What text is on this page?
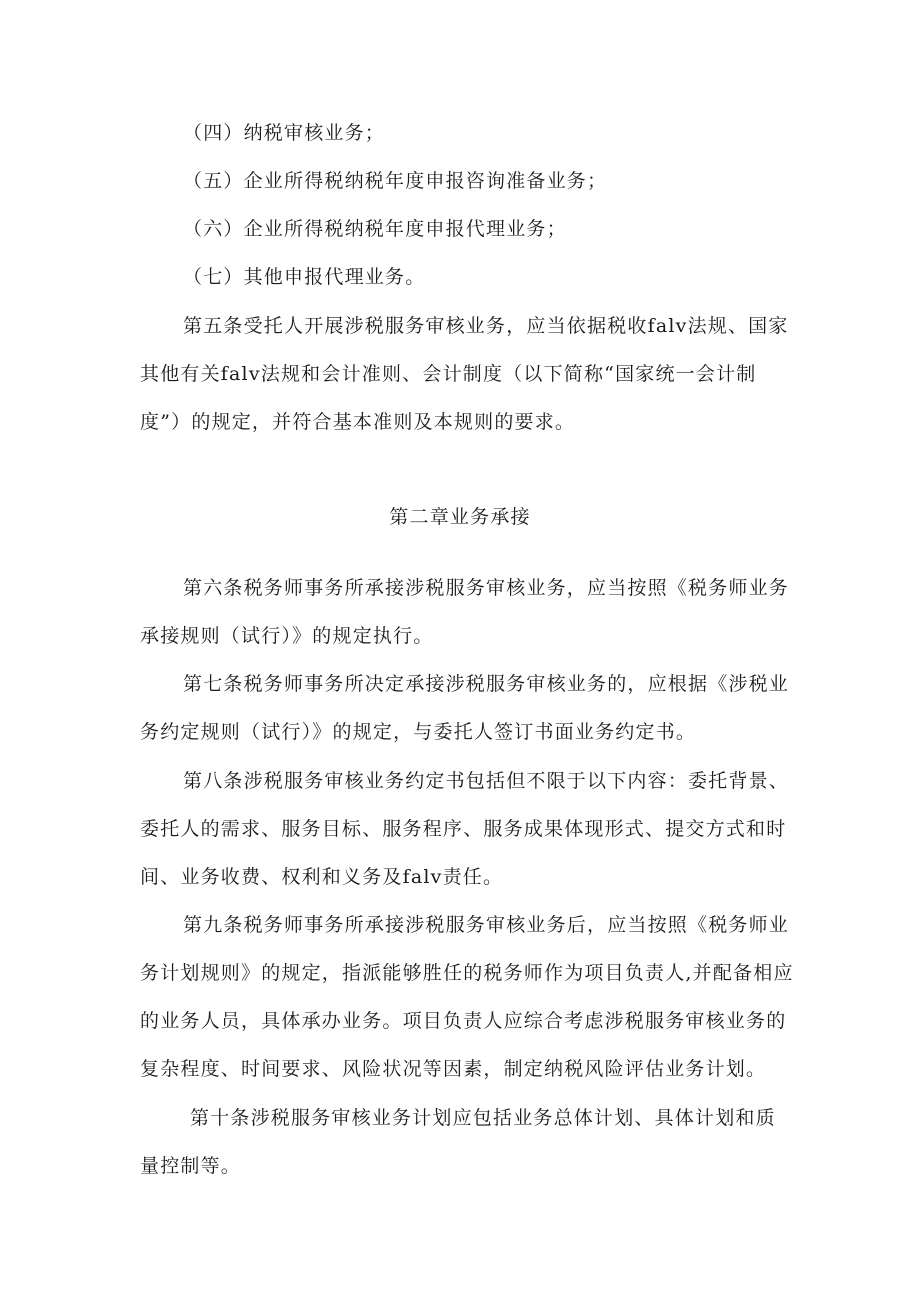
（四）纳税审核业务；
（五）企业所得税纳税年度申报咨询准备业务；
（六）企业所得税纳税年度申报代理业务；
（七）其他申报代理业务。
第五条受托人开展涉税服务审核业务，应当依据税收falv法规、国家
其他有关falv法规和会计准则、会计制度（以下简称“国家统一会计制
度”）的规定，并符合基本准则及本规则的要求。
第二章业务承接
第六条税务师事务所承接涉税服务审核业务，应当按照《税务师业务
承接规则（试行）》的规定执行。
第七条税务师事务所决定承接涉税服务审核业务的，应根据《涉税业
务约定规则（试行）》的规定，与委托人签订书面业务约定书。
第八条涉税服务审核业务约定书包括但不限于以下内容：委托背景、
委托人的需求、服务目标、服务程序、服务成果体现形式、提交方式和时
间、业务收费、权利和义务及falv责任。
第九条税务师事务所承接涉税服务审核业务后，应当按照《税务师业
务计划规则》的规定，指派能够胜任的税务师作为项目负责人,并配备相应
的业务人员，具体承办业务。项目负责人应综合考虑涉税服务审核业务的
复杂程度、时间要求、风险状况等因素，制定纳税风险评估业务计划。
第十条涉税服务审核业务计划应包括业务总体计划、具体计划和质
量控制等。
